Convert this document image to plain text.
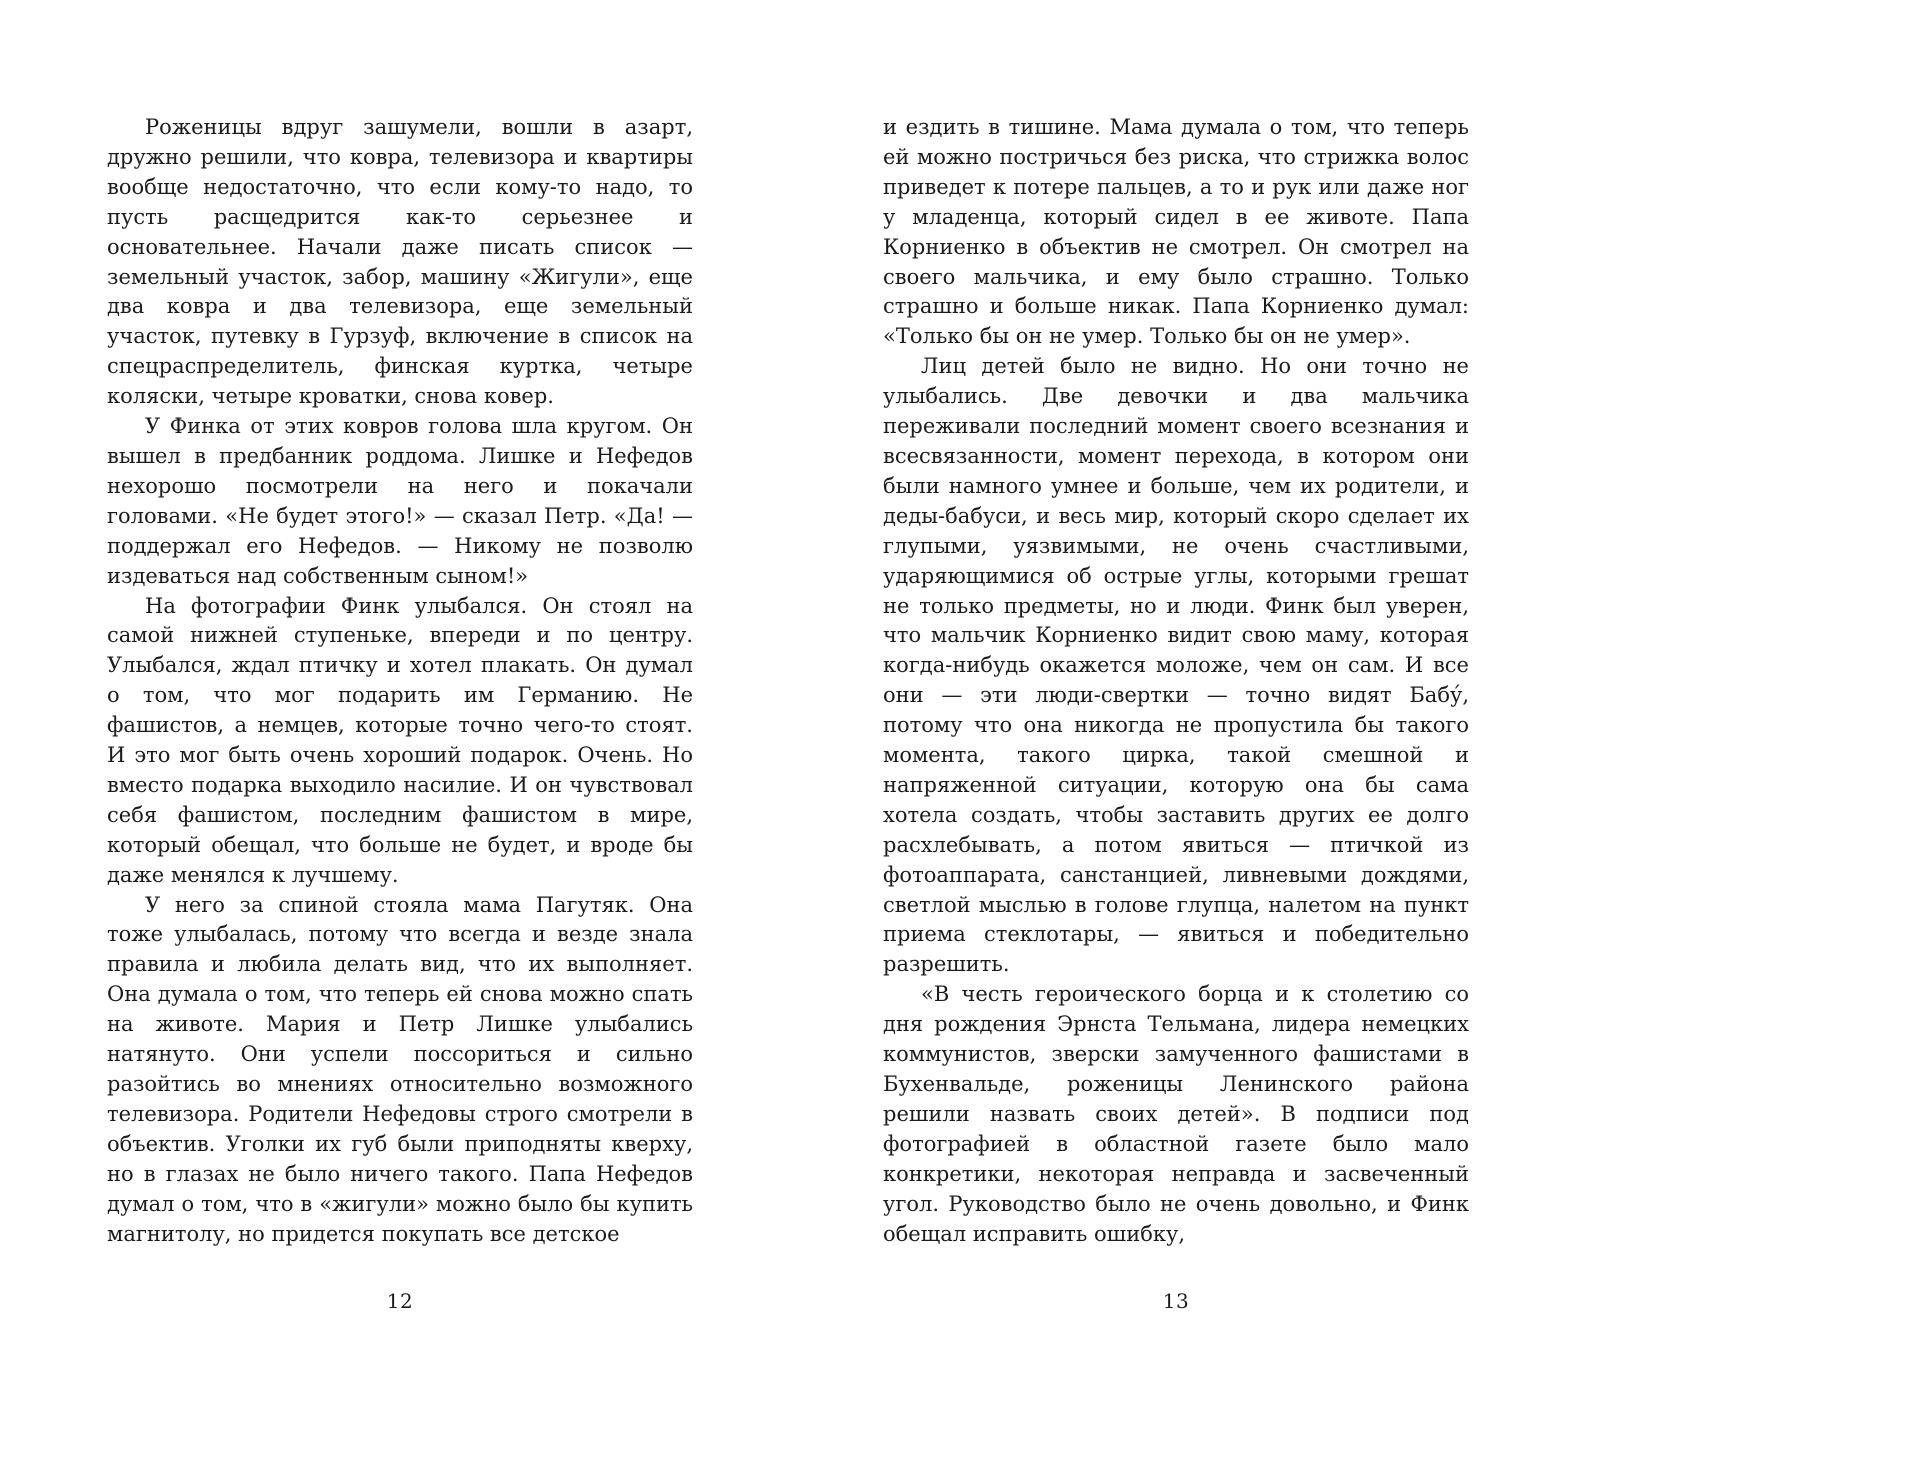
Роженицы вдруг зашумели, вошли в азарт, дружно решили, что ковра, телевизора и квартиры вообще недостаточно, что если кому-то надо, то пусть расщедрится как-то серьезнее и основательнее. Начали даже писать список — земельный участок, забор, машину «Жигули», еще два ковра и два телевизора, еще земельный участок, путевку в Гурзуф, включение в список на спецраспределитель, финская куртка, четыре коляски, четыре кроватки, снова ковер.

У Финка от этих ковров голова шла кругом. Он вышел в предбанник роддома. Лишке и Нефедов нехорошо посмотрели на него и покачали головами. «Не будет этого!» — сказал Петр. «Да! — поддержал его Нефедов. — Никому не позволю издеваться над собственным сыном!»

На фотографии Финк улыбался. Он стоял на самой нижней ступеньке, впереди и по центру. Улыбался, ждал птичку и хотел плакать. Он думал о том, что мог подарить им Германию. Не фашистов, а немцев, которые точно чего-то стоят. И это мог быть очень хороший подарок. Очень. Но вместо подарка выходило насилие. И он чувствовал себя фашистом, последним фашистом в мире, который обещал, что больше не будет, и вроде бы даже менялся к лучшему.

У него за спиной стояла мама Пагутяк. Она тоже улыбалась, потому что всегда и везде знала правила и любила делать вид, что их выполняет. Она думала о том, что теперь ей снова можно спать на животе. Мария и Петр Лишке улыбались натянуто. Они успели поссориться и сильно разойтись во мнениях относительно возможного телевизора. Родители Нефедовы строго смотрели в объектив. Уголки их губ были приподняты кверху, но в глазах не было ничего такого. Папа Нефедов думал о том, что в «жигули» можно было бы купить магнитолу, но придется покупать все детское

12

и ездить в тишине. Мама думала о том, что теперь ей можно постричься без риска, что стрижка волос приведет к потере пальцев, а то и рук или даже ног у младенца, который сидел в ее животе. Папа Корниенко в объектив не смотрел. Он смотрел на своего мальчика, и ему было страшно. Только страшно и больше никак. Папа Корниенко думал: «Только бы он не умер. Только бы он не умер».

Лиц детей было не видно. Но они точно не улыбались. Две девочки и два мальчика переживали последний момент своего всезнания и всесвязанности, момент перехода, в котором они были намного умнее и больше, чем их родители, и деды-бабуси, и весь мир, который скоро сделает их глупыми, уязвимыми, не очень счастливыми, ударяющимися об острые углы, которыми грешат не только предметы, но и люди. Финк был уверен, что мальчик Корниенко видит свою маму, которая когда-нибудь окажется моложе, чем он сам. И все они — эти люди-свертки — точно видят Бабу́, потому что она никогда не пропустила бы такого момента, такого цирка, такой смешной и напряженной ситуации, которую она бы сама хотела создать, чтобы заставить других ее долго расхлебывать, а потом явиться — птичкой из фотоаппарата, санстанцией, ливневыми дождями, светлой мыслью в голове глупца, налетом на пункт приема стеклотары, — явиться и победительно разрешить.

«В честь героического борца и к столетию со дня рождения Эрнста Тельмана, лидера немецких коммунистов, зверски замученного фашистами в Бухенвальде, роженицы Ленинского района решили назвать своих детей». В подписи под фотографией в областной газете было мало конкретики, некоторая неправда и засвеченный угол. Руководство было не очень довольно, и Финк обещал исправить ошибку,

13
